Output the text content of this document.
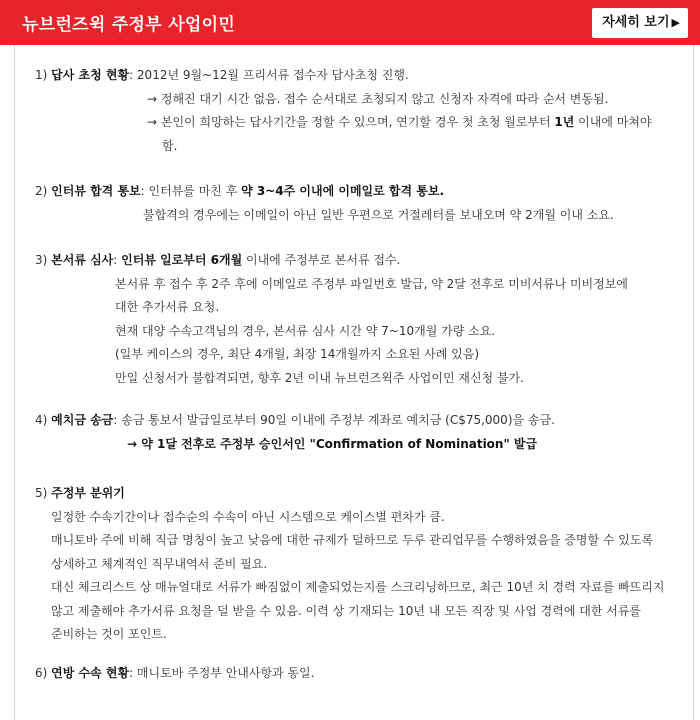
뉴브런즈윅 주정부 사업이민	자세히 보기 ▶
1) 답사 초청 현황: 2012년 9월~12월 프리서류 접수자 답사초청 진행.
→ 정해진 대기 시간 없음. 접수 순서대로 초청되지 않고 신청자 자격에 따라 순서 변동됨.
→ 본인이 희망하는 답사기간을 정할 수 있으며, 연기할 경우 첫 초청 월로부터 1년 이내에 마쳐야
함.
2) 인터뷰 합격 통보: 인터뷰를 마친 후 약 3~4주 이내에 이메일로 합격 통보.
불합격의 경우에는 이메일이 아닌 일반 우편으로 거절레터를 보내오며 약 2개월 이내 소요.
3) 본서류 심사: 인터뷰 일로부터 6개월 이내에 주정부로 본서류 접수.
본서류 후 접수 후 2주 후에 이메일로 주정부 파일번호 발급, 약 2달 전후로 미비서류나 미비정보에
대한 추가서류 요청.
현재 대양 수속고객님의 경우, 본서류 심사 시간 약 7~10개월 가량 소요.
(일부 케이스의 경우, 최단 4개월, 최장 14개월까지 소요된 사례 있음)
만일 신청서가 불합격되면, 향후 2년 이내 뉴브런즈윅주 사업이민 재신청 불가.
4) 예치금 송금: 송금 통보서 발급일로부터 90일 이내에 주정부 계좌로 예치금 (C$75,000)을 송금.
→ 약 1달 전후로 주정부 승인서인 "Confirmation of Nomination" 발급
5) 주정부 분위기
일정한 수속기간이나 접수순의 수속이 아닌 시스템으로 케이스별 편차가 큼.
매니토바 주에 비해 직급 명칭이 높고 낮음에 대한 규제가 덜하므로 두루 관리업무를 수행하였음을 증명할 수 있도록
상세하고 체계적인 직무내역서 준비 필요.
대신 체크리스트 상 매뉴얼대로 서류가 빠짐없이 제출되었는지를 스크리닝하므로, 최근 10년 치 경력 자료를 빠뜨리지
않고 제출해야 추가서류 요청을 덜 받을 수 있음. 이력 상 기재되는 10년 내 모든 직장 및 사업 경력에 대한 서류를
준비하는 것이 포인트.
6) 연방 수속 현황: 매니토바 주정부 안내사항과 동일.
